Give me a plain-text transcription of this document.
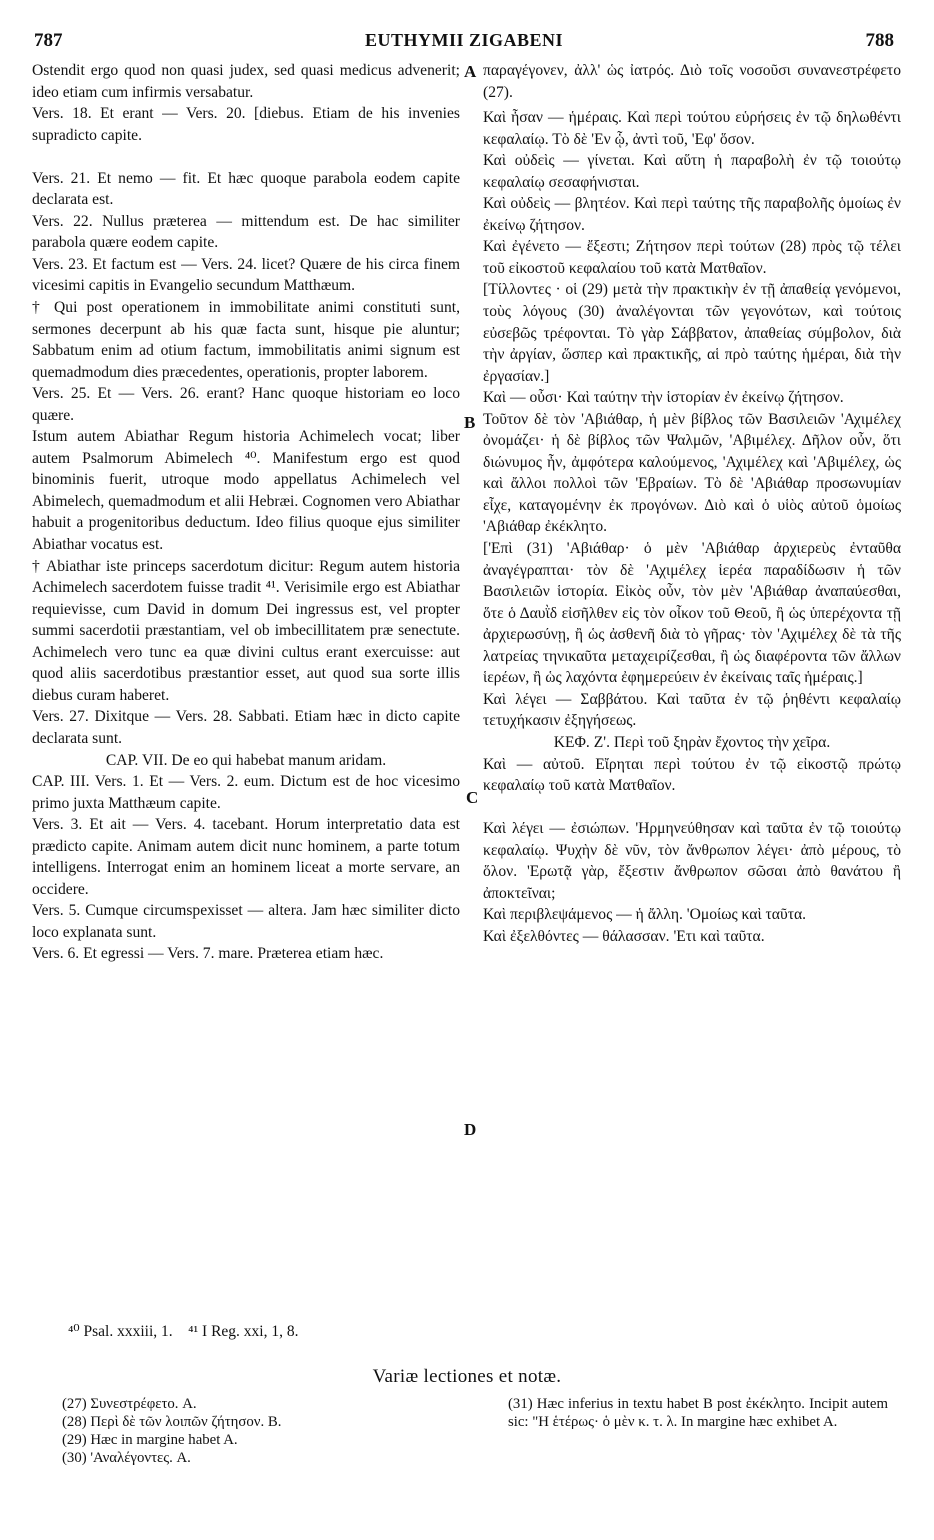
787	EUTHYMII ZIGABENI	788
A
B
C
D

Ostendit ergo quod non quasi judex, sed quasi medicus advenerit; ideo etiam cum infirmis versabatur.

Vers. 18. Et erant — Vers. 20. [diebus. Etiam de his invenies supradicto capite.

Vers. 21. Et nemo — fit. Et hæc quoque parabola eodem capite declarata est.

Vers. 22. Nullus præterea — mittendum est. De hac similiter parabola quære eodem capite.

Vers. 23. Et factum est — Vers. 24. licet? Quære de his circa finem vicesimi capitis in Evangelio secundum Matthæum.

† Qui post operationem in immobilitate animi constituti sunt, sermones decerpunt ab his quæ facta sunt, hisque pie aluntur; Sabbatum enim ad otium factum, immobilitatis animi signum est quemadmodum dies præcedentes, operationis, propter laborem.

Vers. 25. Et — Vers. 26. erant? Hanc quoque historiam eo loco quære.

Istum autem Abiathar Regum historia Achimelech vocat; liber autem Psalmorum Abimelech ⁴⁰. Manifestum ergo est quod binominis fuerit, utroque modo appellatus Achimelech vel Abimelech, quemadmodum et alii Hebræi. Cognomen vero Abiathar habuit a progenitoribus deductum. Ideo filius quoque ejus similiter Abiathar vocatus est.

† Abiathar iste princeps sacerdotum dicitur: Regum autem historia Achimelech sacerdotem fuisse tradit ⁴¹. Verisimile ergo est Abiathar requievisse, cum David in domum Dei ingressus est, vel propter summi sacerdotii præstantiam, vel ob imbecillitatem præ senectute. Achimelech vero tunc ea quæ divini cultus erant exercuisse: aut quod aliis sacerdotibus præstantior esset, aut quod sua sorte illis diebus curam haberet.

Vers. 27. Dixitque — Vers. 28. Sabbati. Etiam hæc in dicto capite declarata sunt.

CAP. VII. De eo qui habebat manum aridam.

CAP. III. Vers. 1. Et — Vers. 2. eum. Dictum est de hoc vicesimo primo juxta Matthæum capite.

Vers. 3. Et ait — Vers. 4. tacebant. Horum interpretatio data est prædicto capite. Animam autem dicit nunc hominem, a parte totum intelligens. Interrogat enim an hominem liceat a morte servare, an occidere.

Vers. 5. Cumque circumspexisset — altera. Jam hæc similiter dicto loco explanata sunt.

Vers. 6. Et egressi — Vers. 7. mare. Præterea etiam hæc.

παραγέγονεν, ἀλλ' ὡς ἰατρός. Διὸ τοῖς νοσοῦσι συνανεστρέφετο (27).

Καὶ ἦσαν — ἡμέραις. Καὶ περὶ τούτου εὑρήσεις ἐν τῷ δηλωθέντι κεφαλαίῳ. Τὸ δὲ 'Εν ᾧ, ἀντὶ τοῦ, 'Εφ' ὅσον.

Καὶ οὐδεὶς — γίνεται. Καὶ αὕτη ἡ παραβολὴ ἐν τῷ τοιούτῳ κεφαλαίῳ σεσαφήνισται.

Καὶ οὐδεὶς — βλητέον. Καὶ περὶ ταύτης τῆς παραβολῆς ὁμοίως ἐν ἐκείνῳ ζήτησον.

Καὶ ἐγένετο — ἔξεστι; Ζήτησον περὶ τούτων (28) πρὸς τῷ τέλει τοῦ εἰκοστοῦ κεφαλαίου τοῦ κατὰ Ματθαῖον.

[Τίλλοντες · οἱ (29) μετὰ τὴν πρακτικὴν ἐν τῇ ἀπαθείᾳ γενόμενοι, τοὺς λόγους (30) ἀναλέγονται τῶν γεγονότων, καὶ τούτοις εὐσεβῶς τρέφονται. Τὸ γὰρ Σάββατον, ἀπαθείας σύμβολον, διὰ τὴν ἀργίαν, ὥσπερ καὶ πρακτικῆς, αἱ πρὸ ταύτης ἡμέραι, διὰ τὴν ἐργασίαν.]

Καὶ — οὖσι· Καὶ ταύτην τὴν ἱστορίαν ἐν ἐκείνῳ ζήτησον.

Τοῦτον δὲ τὸν 'Αβιάθαρ, ἡ μὲν βίβλος τῶν Βασιλειῶν 'Αχιμέλεχ ὀνομάζει· ἡ δὲ βίβλος τῶν Ψαλμῶν, 'Αβιμέλεχ. Δῆλον οὖν, ὅτι διώνυμος ἦν, ἀμφότερα καλούμενος, 'Αχιμέλεχ καὶ 'Αβιμέλεχ, ὡς καὶ ἄλλοι πολλοὶ τῶν 'Εβραίων. Τὸ δὲ 'Αβιάθαρ προσωνυμίαν εἶχε, καταγομένην ἐκ προγόνων. Διὸ καὶ ὁ υἱὸς αὐτοῦ ὁμοίως 'Αβιάθαρ ἐκέκλητο.

['Επὶ (31) 'Αβιάθαρ· ὁ μὲν 'Αβιάθαρ ἀρχιερεὺς ἐνταῦθα ἀναγέγραπται· τὸν δὲ 'Αχιμέλεχ ἱερέα παραδίδωσιν ἡ τῶν Βασιλειῶν ἱστορία. Εἰκὸς οὖν, τὸν μὲν 'Αβιάθαρ ἀναπαύεσθαι, ὅτε ὁ Δαυῒδ εἰσῆλθεν εἰς τὸν οἶκον τοῦ Θεοῦ, ἢ ὡς ὑπερέχοντα τῇ ἀρχιερωσύνῃ, ἢ ὡς ἀσθενῆ διὰ τὸ γῆρας· τὸν 'Αχιμέλεχ δὲ τὰ τῆς λατρείας τηνικαῦτα μεταχειρίζεσθαι, ἢ ὡς διαφέροντα τῶν ἄλλων ἱερέων, ἢ ὡς λαχόντα ἐφημερεύειν ἐν ἐκείναις ταῖς ἡμέραις.]

Καὶ λέγει — Σαββάτου. Καὶ ταῦτα ἐν τῷ ῥηθέντι κεφαλαίῳ τετυχήκασιν ἐξηγήσεως.

ΚΕΦ. Ζ'. Περὶ τοῦ ξηρὰν ἔχοντος τὴν χεῖρα.

Καὶ — αὐτοῦ. Εἴρηται περὶ τούτου ἐν τῷ εἰκοστῷ πρώτῳ κεφαλαίῳ τοῦ κατὰ Ματθαῖον.

Καὶ λέγει — ἐσιώπων. 'Ηρμηνεύθησαν καὶ ταῦτα ἐν τῷ τοιούτῳ κεφαλαίῳ. Ψυχὴν δὲ νῦν, τὸν ἄνθρωπον λέγει· ἀπὸ μέρους, τὸ ὅλον. 'Ερωτᾷ γὰρ, ἔξεστιν ἄνθρωπον σῶσαι ἀπὸ θανάτου ἢ ἀποκτεῖναι;

Καὶ περιβλεψάμενος — ἡ ἄλλη. 'Ομοίως καὶ ταῦτα.

Καὶ ἐξελθόντες — θάλασσαν. 'Ετι καὶ ταῦτα.

⁴⁰ Psal. xxxiii, 1.    ⁴¹ I Reg. xxi, 1, 8.
Variæ lectiones et notæ.

(27) Συνεστρέφετο. A.

(28) Περὶ δὲ τῶν λοιπῶν ζήτησον. B.

(29) Hæc in margine habet A.

(30) 'Αναλέγοντες. A.

(31) Hæc inferius in textu habet B post ἐκέκλητο. Incipit autem sic: "Η ἑτέρως· ὁ μὲν κ. τ. λ. In margine hæc exhibet A.
